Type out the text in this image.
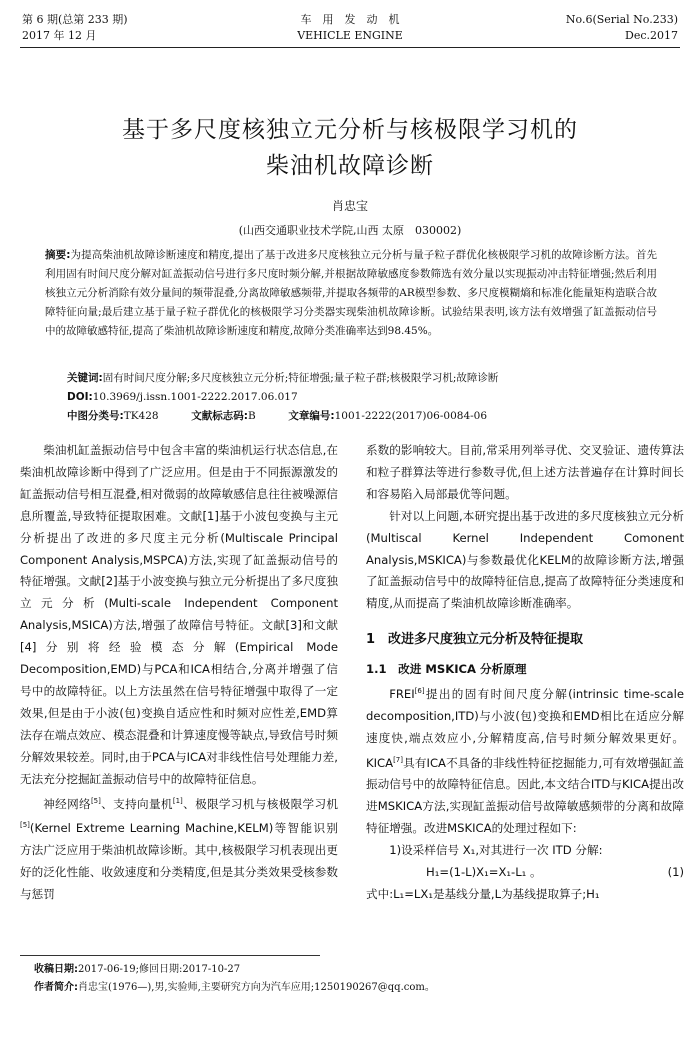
第 6 期(总第 233 期)
2017 年 12 月
车　用　发　动　机
VEHICLE ENGINE
No.6(Serial No.233)
Dec.2017
基于多尺度核独立元分析与核极限学习机的
柴油机故障诊断
肖忠宝
(山西交通职业技术学院,山西 太原　030002)
摘要:为提高柴油机故障诊断速度和精度,提出了基于改进多尺度核独立元分析与量子粒子群优化核极限学习机的故障诊断方法。首先利用固有时间尺度分解对缸盖振动信号进行多尺度时频分解,并根据故障敏感度参数筛选有效分量以实现振动冲击特征增强;然后利用核独立元分析消除有效分量间的频带混叠,分离故障敏感频带,并提取各频带的AR模型参数、多尺度模糊熵和标准化能量矩构造联合故障特征向量;最后建立基于量子粒子群优化的核极限学习分类器实现柴油机故障诊断。试验结果表明,该方法有效增强了缸盖振动信号中的故障敏感特征,提高了柴油机故障诊断速度和精度,故障分类准确率达到98.45%。
关键词:固有时间尺度分解;多尺度核独立元分析;特征增强;量子粒子群;核极限学习机;故障诊断
DOI:10.3969/j.issn.1001-2222.2017.06.017
中图分类号:TK428	文献标志码:B	文章编号:1001-2222(2017)06-0084-06

柴油机缸盖振动信号中包含丰富的柴油机运行状态信息,在柴油机故障诊断中得到了广泛应用。但是由于不同振源激发的缸盖振动信号相互混叠,相对微弱的故障敏感信息往往被噪源信息所覆盖,导致特征提取困难。文献[1]基于小波包变换与主元分析提出了改进的多尺度主元分析(Multiscale Principal Component Analysis,MSPCA)方法,实现了缸盖振动信号的特征增强。文献[2]基于小波变换与独立元分析提出了多尺度独立元分析(Multi-scale Independent Component Analysis,MSICA)方法,增强了故障信号特征。文献[3]和文献[4]分别将经验模态分解(Empirical Mode Decomposition,EMD)与PCA和ICA相结合,分离并增强了信号中的故障特征。以上方法虽然在信号特征增强中取得了一定效果,但是由于小波(包)变换自适应性和时频对应性差,EMD算法存在端点效应、模态混叠和计算速度慢等缺点,导致信号时频分解效果较差。同时,由于PCA与ICA对非线性信号处理能力差,无法充分挖掘缸盖振动信号中的故障特征信息。

神经网络[5]、支持向量机[1]、极限学习机与核极限学习机[5](Kernel Extreme Learning Machine,KELM)等智能识别方法广泛应用于柴油机故障诊断。其中,核极限学习机表现出更好的泛化性能、收敛速度和分类精度,但是其分类效果受核参数与惩罚

系数的影响较大。目前,常采用列举寻优、交叉验证、遗传算法和粒子群算法等进行参数寻优,但上述方法普遍存在计算时间长和容易陷入局部最优等问题。

针对以上问题,本研究提出基于改进的多尺度核独立元分析(Multiscal Kernel Independent Comonent Analysis,MSKICA)与参数最优化KELM的故障诊断方法,增强了缸盖振动信号中的故障特征信息,提高了故障特征分类速度和精度,从而提高了柴油机故障诊断准确率。

1　改进多尺度独立元分析及特征提取
1.1　改进 MSKICA 分析原理

FREI[6]提出的固有时间尺度分解(intrinsic time-scale decomposition,ITD)与小波(包)变换和EMD相比在适应分解速度快,端点效应小,分解精度高,信号时频分解效果更好。KICA[7]具有ICA不具备的非线性特征挖掘能力,可有效增强缸盖振动信号中的故障特征信息。因此,本文结合ITD与KICA提出改进MSKICA方法,实现缸盖振动信号故障敏感频带的分离和故障特征增强。改进MSKICA的处理过程如下:

1)设采样信号 X₁,对其进行一次 ITD 分解:

H₁=(1-L)X₁=X₁-L₁ 。	(1)

式中:L₁=LX₁是基线分量,L为基线提取算子;H₁

收稿日期:2017-06-19;修回日期:2017-10-27
作者简介:肖忠宝(1976—),男,实验师,主要研究方向为汽车应用;1250190267@qq.com。
